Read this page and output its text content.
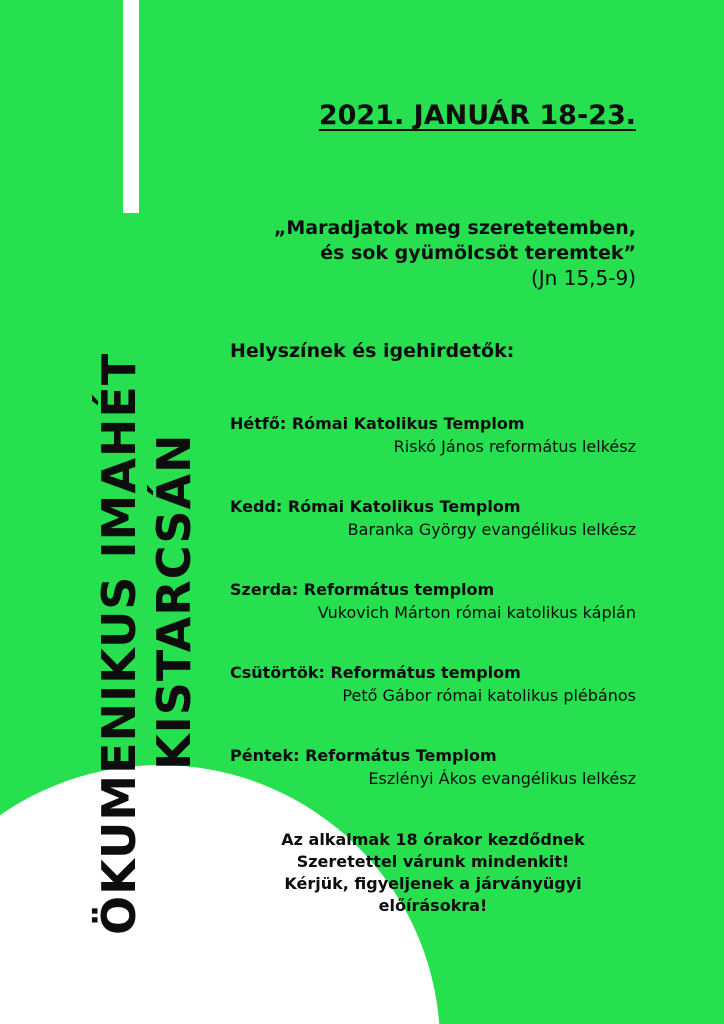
ÖKUMENIKUS IMAHÉT KISTARCSÁN
2021. JANUÁR 18-23.
„Maradjatok meg szeretetemben,
és sok gyümölcsöt teremtek”
(Jn 15,5-9)
Helyszínek és igehirdetők:
Hétfő: Római Katolikus Templom
Riskó János református lelkész
Kedd: Római Katolikus Templom
Baranka György evangélikus lelkész
Szerda: Református templom
Vukovich Márton római katolikus káplán
Csütörtök: Református templom
Pető Gábor római katolikus plébános
Péntek: Református Templom
Eszlényi Ákos evangélikus lelkész
Az alkalmak 18 órakor kezdődnek
Szeretettel várunk mindenkit!
Kérjük, figyeljenek a járványügyi
előírásokra!
